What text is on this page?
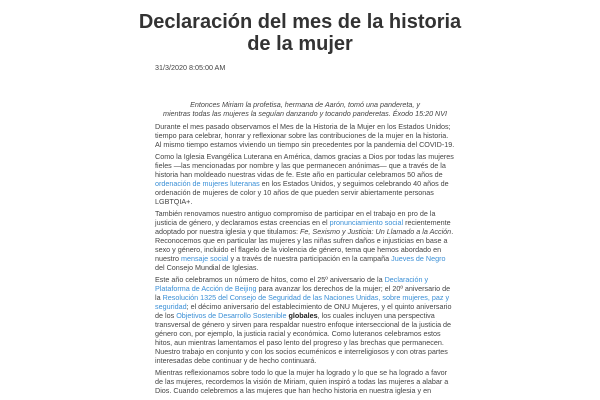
Declaración del mes de la historia
de la mujer
31/3/2020 8:05:00 AM
Entonces Miriam la profetisa, hermana de Aarón, tomó una pandereta, y
mientras todas las mujeres la seguían danzando y tocando panderetas. Éxodo 15:20 NVI
Durante el mes pasado observamos el Mes de la Historia de la Mujer en los Estados Unidos;
tiempo para celebrar, honrar y reflexionar sobre las contribuciones de la mujer en la historia.
Al mismo tiempo estamos viviendo un tiempo sin precedentes por la pandemia del COVID-19.
Como la Iglesia Evangélica Luterana en América, damos gracias a Dios por todas las mujeres
fieles —las mencionadas por nombre y las que permanecen anónimas— que a través de la
historia han moldeado nuestras vidas de fe. Este año en particular celebramos 50 años de
ordenación de mujeres luteranas en los Estados Unidos, y seguimos celebrando 40 años de
ordenación de mujeres de color y 10 años de que pueden servir abiertamente personas
LGBTQIA+.
También renovamos nuestro antiguo compromiso de participar en el trabajo en pro de la
justicia de género, y declaramos estas creencias en el pronunciamiento social recientemente
adoptado por nuestra iglesia y que titulamos: Fe, Sexismo y Justicia: Un Llamado a la Acción.
Reconocemos que en particular las mujeres y las niñas sufren daños e injusticias en base a
sexo y género, incluido el flagelo de la violencia de género, tema que hemos abordado en
nuestro mensaje social y a través de nuestra participación en la campaña Jueves de Negro
del Consejo Mundial de Iglesias.
Este año celebramos un número de hitos, como el 25º aniversario de la Declaración y
Plataforma de Acción de Beijing para avanzar los derechos de la mujer; el 20º aniversario de
la Resolución 1325 del Consejo de Seguridad de las Naciones Unidas, sobre mujeres, paz y
seguridad; el décimo aniversario del establecimiento de ONU Mujeres, y el quinto aniversario
de los Objetivos de Desarrollo Sostenible globales, los cuales incluyen una perspectiva
transversal de género y sirven para respaldar nuestro enfoque interseccional de la justicia de
género con, por ejemplo, la justicia racial y económica. Como luteranos celebramos estos
hitos, aun mientras lamentamos el paso lento del progreso y las brechas que permanecen.
Nuestro trabajo en conjunto y con los socios ecuménicos e interreligiosos y con otras partes
interesadas debe continuar y de hecho continuará.
Mientras reflexionamos sobre todo lo que la mujer ha logrado y lo que se ha logrado a favor
de las mujeres, recordemos la visión de Miriam, quien inspiró a todas las mujeres a alabar a
Dios. Cuando celebremos a las mujeres que han hecho historia en nuestra iglesia y en
